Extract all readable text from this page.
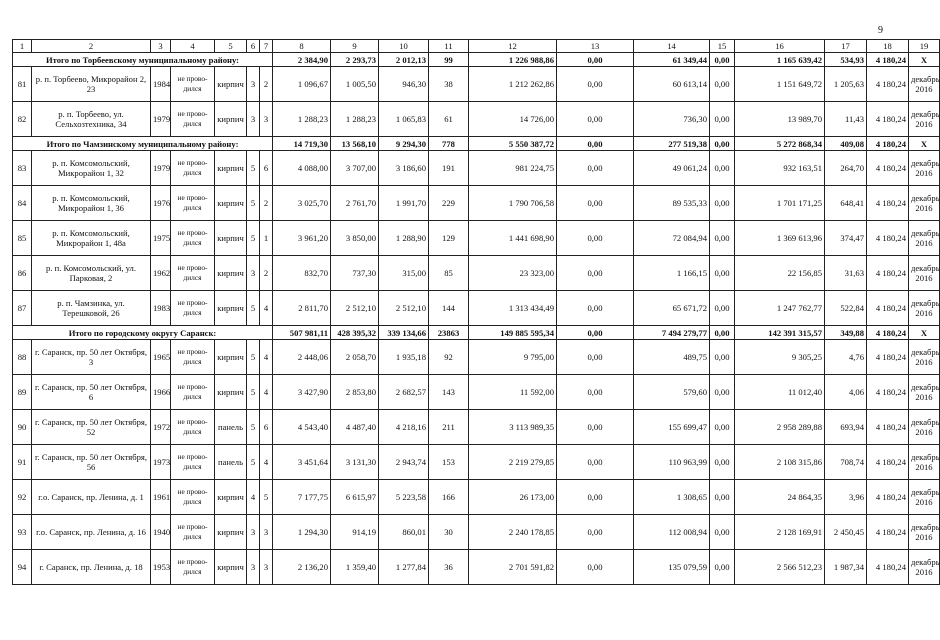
9
1	2	3	4	5	6	7	8	9	10	11	12	13	14	15	16	17	18	19
Итого по Торбеевскому муниципальному району:							2 384,90	2 293,73	2 012,13	99	1 226 988,86	0,00	61 349,44	0,00	1 165 639,42	534,93	4 180,24	X
81	р. п. Торбеево, Микрорайон 2, 23	1984	не прово-дился	кирпич	3	2	1 096,67	1 005,50	946,30	38	1 212 262,86	0,00	60 613,14	0,00	1 151 649,72	1 205,63	4 180,24	декабрь 2016
82	р. п. Торбеево, ул. Сельхозтехника, 34	1979	не прово-дился	кирпич	3	3	1 288,23	1 288,23	1 065,83	61	14 726,00	0,00	736,30	0,00	13 989,70	11,43	4 180,24	декабрь 2016
Итого по Чамзинскому муниципальному району:							14 719,30	13 568,10	9 294,30	778	5 550 387,72	0,00	277 519,38	0,00	5 272 868,34	409,08	4 180,24	X
83	р. п. Комсомольский, Микрорайон 1, 32	1979	не прово-дился	кирпич	5	6	4 088,00	3 707,00	3 186,60	191	981 224,75	0,00	49 061,24	0,00	932 163,51	264,70	4 180,24	декабрь 2016
84	р. п. Комсомольский, Микрорайон 1, 36	1976	не прово-дился	кирпич	5	2	3 025,70	2 761,70	1 991,70	229	1 790 706,58	0,00	89 535,33	0,00	1 701 171,25	648,41	4 180,24	декабрь 2016
85	р. п. Комсомольский, Микрорайон 1, 48а	1975	не прово-дился	кирпич	5	1	3 961,20	3 850,00	1 288,90	129	1 441 698,90	0,00	72 084,94	0,00	1 369 613,96	374,47	4 180,24	декабрь 2016
86	р. п. Комсомольский, ул. Парковая, 2	1962	не прово-дился	кирпич	3	2	832,70	737,30	315,00	85	23 323,00	0,00	1 166,15	0,00	22 156,85	31,63	4 180,24	декабрь 2016
87	р. п. Чамзинка, ул. Терешковой, 26	1983	не прово-дился	кирпич	5	4	2 811,70	2 512,10	2 512,10	144	1 313 434,49	0,00	65 671,72	0,00	1 247 762,77	522,84	4 180,24	декабрь 2016
Итого по городскому округу Саранск:							507 981,11	428 395,32	339 134,66	23863	149 885 595,34	0,00	7 494 279,77	0,00	142 391 315,57	349,88	4 180,24	X
88	г. Саранск, пр. 50 лет Октября, 3	1965	не прово-дился	кирпич	5	4	2 448,06	2 058,70	1 935,18	92	9 795,00	0,00	489,75	0,00	9 305,25	4,76	4 180,24	декабрь 2016
89	г. Саранск, пр. 50 лет Октября, 6	1966	не прово-дился	кирпич	5	4	3 427,90	2 853,80	2 682,57	143	11 592,00	0,00	579,60	0,00	11 012,40	4,06	4 180,24	декабрь 2016
90	г. Саранск, пр. 50 лет Октября, 52	1972	не прово-дился	панель	5	6	4 543,40	4 487,40	4 218,16	211	3 113 989,35	0,00	155 699,47	0,00	2 958 289,88	693,94	4 180,24	декабрь 2016
91	г. Саранск, пр. 50 лет Октября, 56	1973	не прово-дился	панель	5	4	3 451,64	3 131,30	2 943,74	153	2 219 279,85	0,00	110 963,99	0,00	2 108 315,86	708,74	4 180,24	декабрь 2016
92	г.о. Саранск, пр. Ленина, д. 1	1961	не прово-дился	кирпич	4	5	7 177,75	6 615,97	5 223,58	166	26 173,00	0,00	1 308,65	0,00	24 864,35	3,96	4 180,24	декабрь 2016
93	г.о. Саранск, пр. Ленина, д. 16	1940	не прово-дился	кирпич	3	3	1 294,30	914,19	860,01	30	2 240 178,85	0,00	112 008,94	0,00	2 128 169,91	2 450,45	4 180,24	декабрь 2016
94	г. Саранск, пр. Ленина, д. 18	1953	не прово-дился	кирпич	3	3	2 136,20	1 359,40	1 277,84	36	2 701 591,82	0,00	135 079,59	0,00	2 566 512,23	1 987,34	4 180,24	декабрь 2016
